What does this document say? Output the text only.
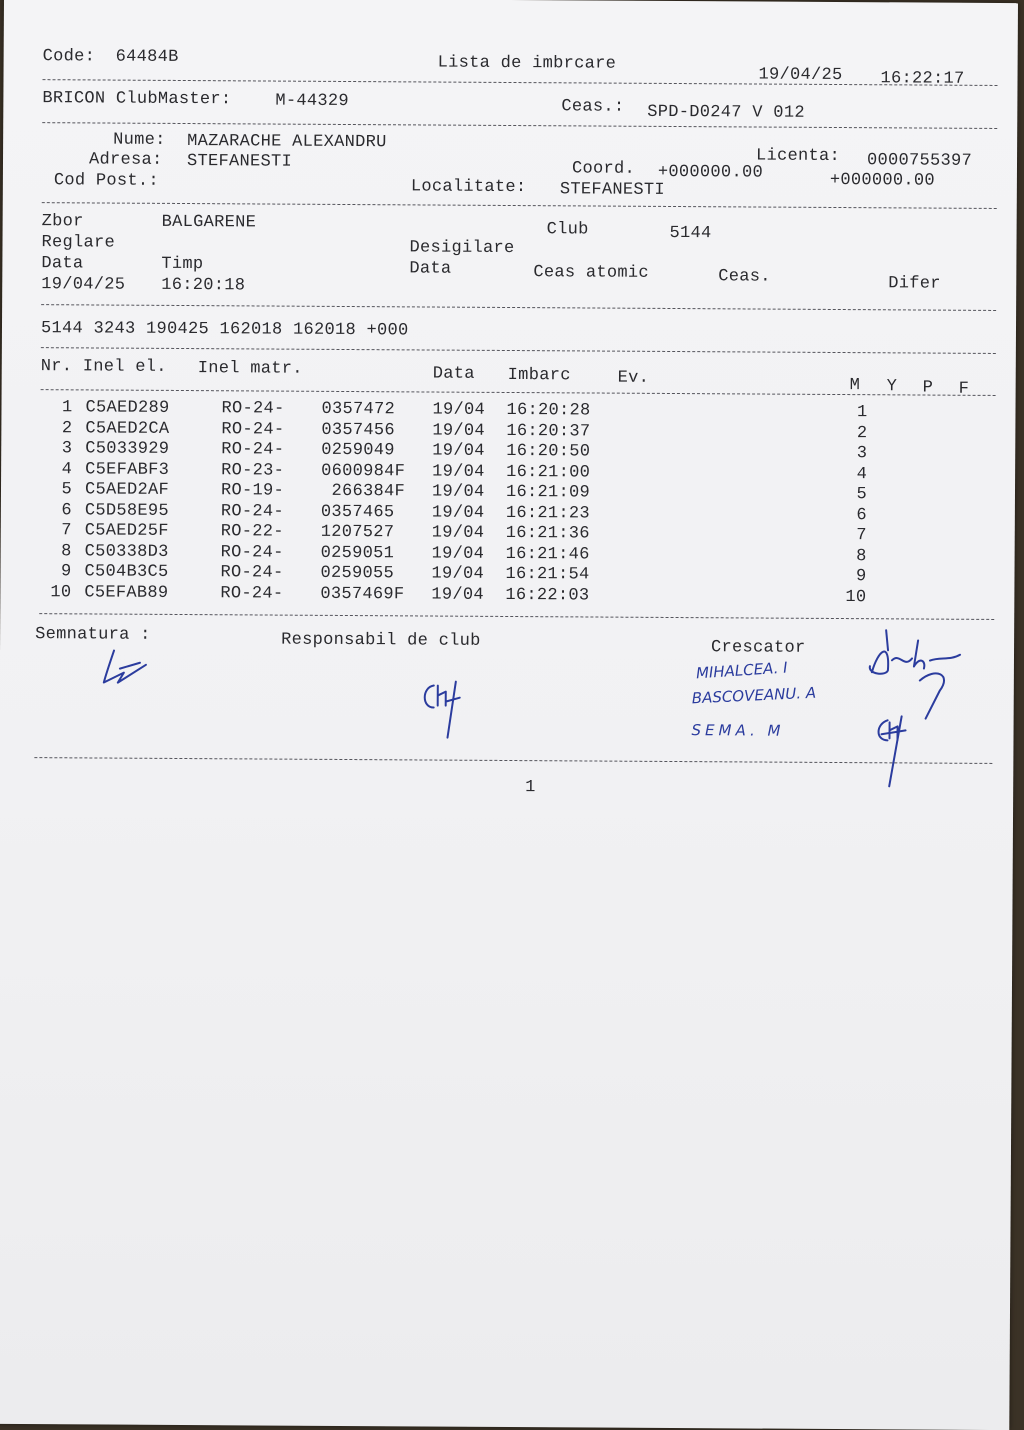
Code: 64484B	Lista de imbrcare
19/04/25 16:22:17
BRICON ClubMaster:	M-44329	Ceas.: SPD-D0247 V 012
Nume: MAZARACHE ALEXANDRU
Licenta: 0000755397
Adresa: STEFANESTI	Coord. +000000.00	+000000.00
Cod Post.:	Localitate: STEFANESTI
Zbor	BALGARENE	Club	5144
Reglare	Desigilare
Data	Timp	Data	Ceas atomic	Ceas.	Difer
19/04/25 16:20:18
5144 3243 190425 162018 162018 +000
Nr. Inel el. Inel matr.	Data Imbarc	Ev.	M Y P F
1 C5AED289	RO-24- 0357472 19/04 16:20:28	1
2 C5AED2CA	RO-24- 0357456 19/04 16:20:37	2
3 C5033929	RO-24- 0259049 19/04 16:20:50	3
4 C5EFABF3	RO-23- 0600984F 19/04 16:21:00	4
5 C5AED2AF	RO-19- 266384F 19/04 16:21:09	5
6 C5D58E95	RO-24- 0357465 19/04 16:21:23	6
7 C5AED25F	RO-22- 1207527 19/04 16:21:36	7
8 C50338D3	RO-24- 0259051 19/04 16:21:46	8
9 C504B3C5	RO-24- 0259055 19/04 16:21:54	9
10 C5EFAB89	RO-24- 0357469F 19/04 16:22:03	10
Semnatura :	Responsabil de club	Crescator
MIHALCEA. I
BASCOVEANU. A
SEMA. M
1
